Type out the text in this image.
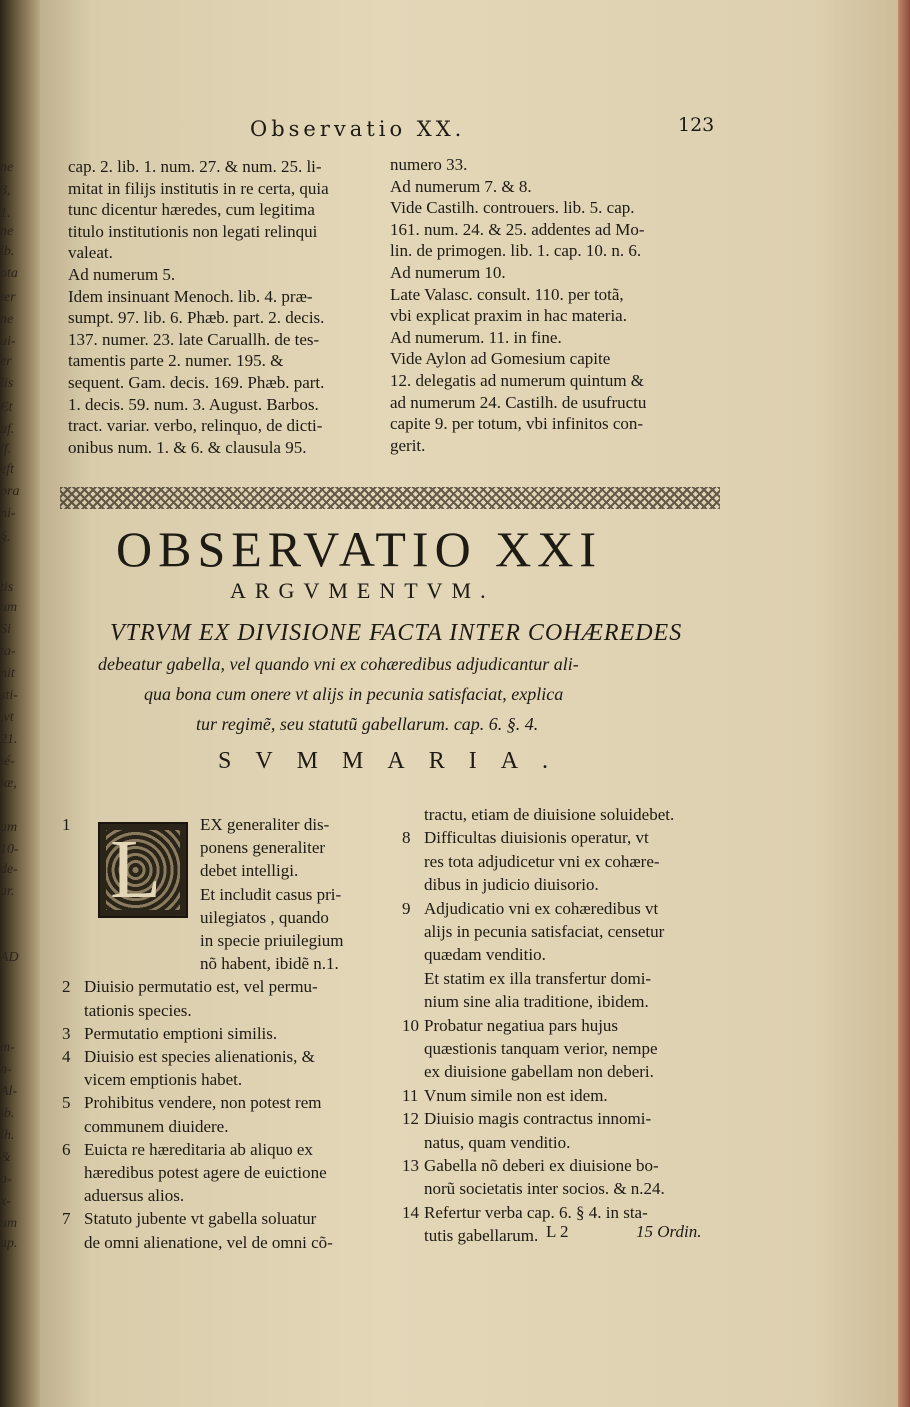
ne
8,
1.
ne
ib.
ota
ter
ne
ui-
er
lis
Et
af.
ff.
eft
pra
ni-
§.
tis
um
Si
ta-
nit
sti-
,vt
21.
té-
tæ,
am
10-
de-
ar.
AD
m-
n-
Al-
ib.
lh.
&
a-
x-
um
ap.
Observatio XX.	123
cap. 2. lib. 1. num. 27. & num. 25. li-
mitat in filijs institutis in re certa, quia
tunc dicentur hæredes, cum legitima
titulo institutionis non legati relinqui
valeat.
Ad numerum 5.
Idem insinuant Menoch. lib. 4. præ-
sumpt. 97. lib. 6. Phæb. part. 2. decis.
137. numer. 23. late Caruallh. de tes-
tamentis parte 2. numer. 195. &
sequent. Gam. decis. 169. Phæb. part.
1. decis. 59. num. 3. August. Barbos.
tract. variar. verbo, relinquo, de dicti-
onibus num. 1. & 6. & clausula 95.
numero 33.
Ad numerum 7. & 8.
Vide Castilh. controuers. lib. 5. cap.
161. num. 24. & 25. addentes ad Mo-
lin. de primogen. lib. 1. cap. 10. n. 6.
Ad numerum 10.
Late Valasc. consult. 110. per totã,
vbi explicat praxim in hac materia.
Ad numerum. 11. in fine.
Vide Aylon ad Gomesium capite
12. delegatis ad numerum quintum &
ad numerum 24. Castilh. de usufructu
capite 9. per totum, vbi infinitos con-
gerit.
OBSERVATIO XXI
ARGVMENTVM.
VTRVM EX DIVISIONE FACTA INTER COHÆREDES
debeatur gabella, vel quando vni ex cohæredibus adjudicantur ali-
qua bona cum onere vt alijs in pecunia satisfaciat, explica
tur regimẽ, seu statutũ gabellarum. cap. 6. §. 4.
SVMMARIA.
L
1	EX generaliter dis-
ponens generaliter
debet intelligi.
Et includit casus pri-
uilegiatos , quando
in specie priuilegium
nõ habent, ibidẽ n.1.
2 Diuisio permutatio est, vel permu-
tationis species.
3 Permutatio emptioni similis.
4 Diuisio est species alienationis, &
vicem emptionis habet.
5 Prohibitus vendere, non potest rem
communem diuidere.
6 Euicta re hæreditaria ab aliquo ex
hæredibus potest agere de euictione
aduersus alios.
7 Statuto jubente vt gabella soluatur
de omni alienatione, vel de omni cõ-
tractu, etiam de diuisione soluidebet.
8 Difficultas diuisionis operatur, vt
res tota adjudicetur vni ex cohære-
dibus in judicio diuisorio.
9 Adjudicatio vni ex cohæredibus vt
alijs in pecunia satisfaciat, censetur
quædam venditio.
Et statim ex illa transfertur domi-
nium sine alia traditione, ibidem.
10 Probatur negatiua pars hujus
quæstionis tanquam verior, nempe
ex diuisione gabellam non deberi.
11 Vnum simile non est idem.
12 Diuisio magis contractus innomi-
natus, quam venditio.
13 Gabella nõ deberi ex diuisione bo-
norũ societatis inter socios. & n.24.
14 Refertur verba cap. 6. § 4. in sta-
tutis gabellarum. L 2	15 Ordin.
